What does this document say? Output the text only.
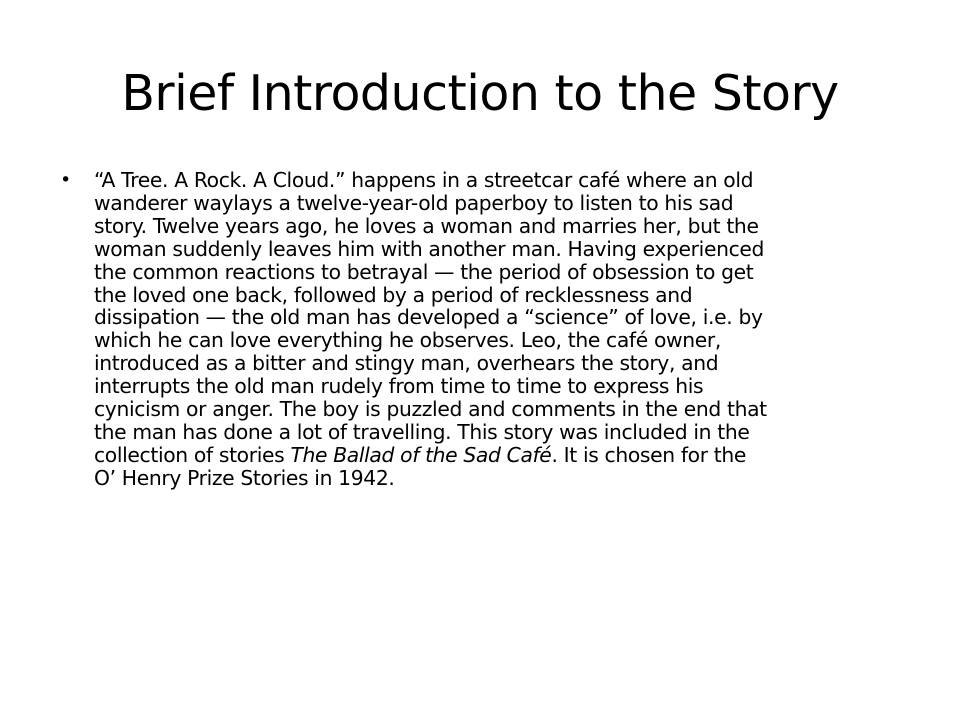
Brief Introduction to the Story
• “A Tree. A Rock. A Cloud.” happens in a streetcar café where an old
wanderer waylays a twelve-year-old paperboy to listen to his sad
story. Twelve years ago, he loves a woman and marries her, but the
woman suddenly leaves him with another man. Having experienced
the common reactions to betrayal — the period of obsession to get
the loved one back, followed by a period of recklessness and
dissipation — the old man has developed a “science” of love, i.e. by
which he can love everything he observes. Leo, the café owner,
introduced as a bitter and stingy man, overhears the story, and
interrupts the old man rudely from time to time to express his
cynicism or anger. The boy is puzzled and comments in the end that
the man has done a lot of travelling. This story was included in the
collection of stories The Ballad of the Sad Café. It is chosen for the
O’ Henry Prize Stories in 1942.
